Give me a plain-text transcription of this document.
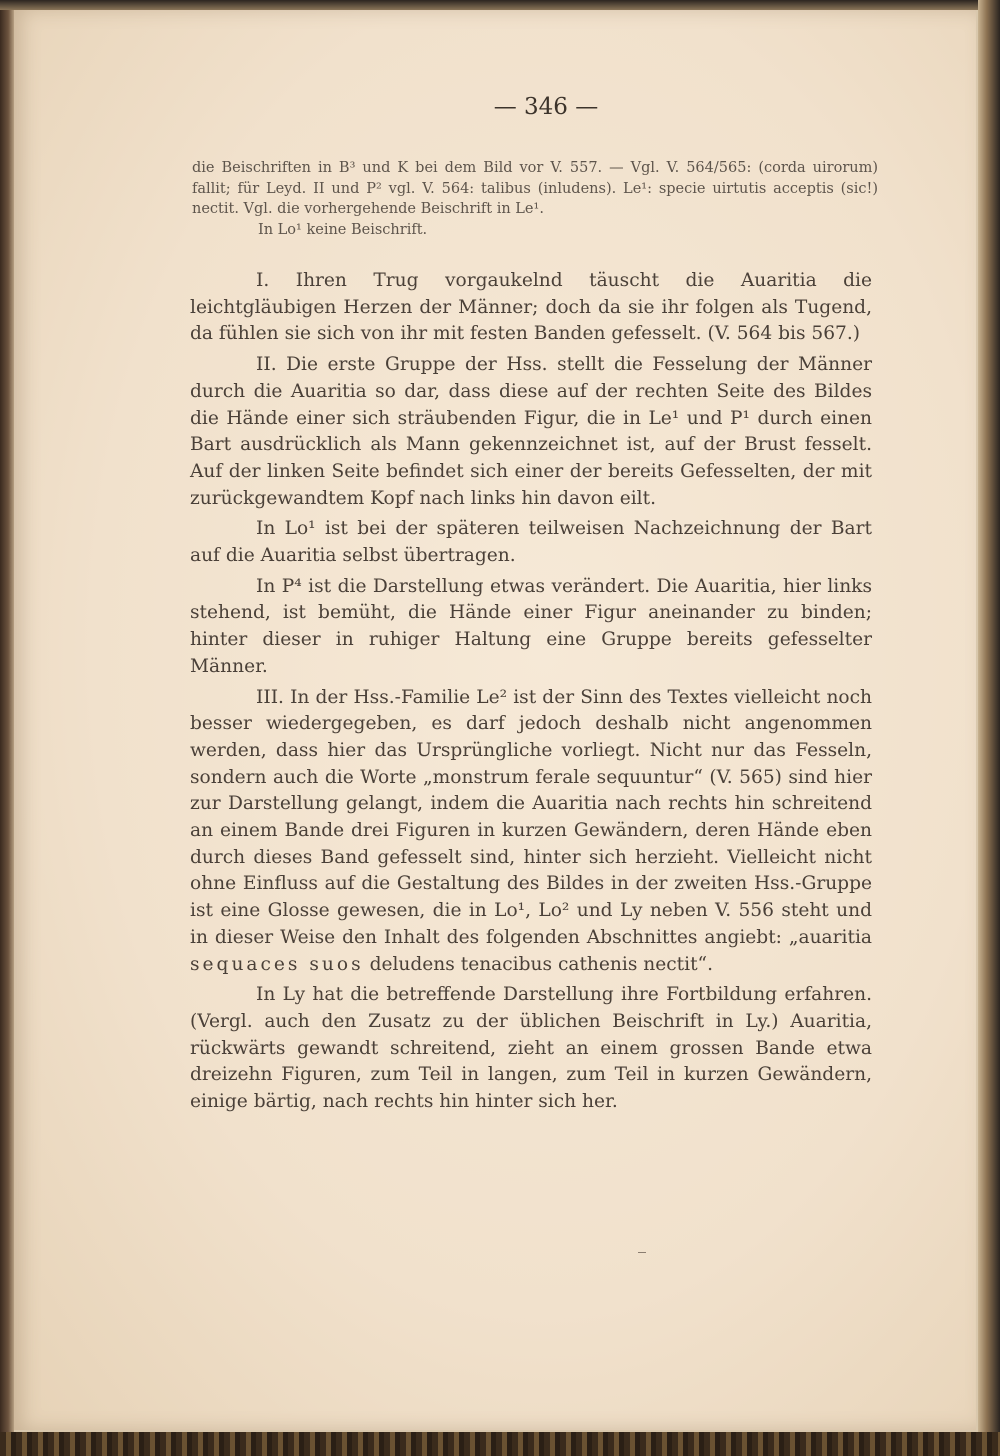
— 346 —

die Beischriften in B³ und K bei dem Bild vor V. 557. — Vgl. V. 564/565: (corda uirorum) fallit; für Leyd. II und P² vgl. V. 564: talibus (inludens). Le¹: specie uirtutis acceptis (sic!) nectit. Vgl. die vorhergehende Beischrift in Le¹.

In Lo¹ keine Beischrift.

I. Ihren Trug vorgaukelnd täuscht die Auaritia die leichtgläubigen Herzen der Männer; doch da sie ihr folgen als Tugend, da fühlen sie sich von ihr mit festen Banden gefesselt. (V. 564 bis 567.)

II. Die erste Gruppe der Hss. stellt die Fesselung der Männer durch die Auaritia so dar, dass diese auf der rechten Seite des Bildes die Hände einer sich sträubenden Figur, die in Le¹ und P¹ durch einen Bart ausdrücklich als Mann gekennzeichnet ist, auf der Brust fesselt. Auf der linken Seite befindet sich einer der bereits Gefesselten, der mit zurückgewandtem Kopf nach links hin davon eilt.

In Lo¹ ist bei der späteren teilweisen Nachzeichnung der Bart auf die Auaritia selbst übertragen.

In P⁴ ist die Darstellung etwas verändert. Die Auaritia, hier links stehend, ist bemüht, die Hände einer Figur aneinander zu binden; hinter dieser in ruhiger Haltung eine Gruppe bereits gefesselter Männer.

III. In der Hss.-Familie Le² ist der Sinn des Textes vielleicht noch besser wiedergegeben, es darf jedoch deshalb nicht angenommen werden, dass hier das Ursprüngliche vorliegt. Nicht nur das Fesseln, sondern auch die Worte „monstrum ferale sequuntur“ (V. 565) sind hier zur Darstellung gelangt, indem die Auaritia nach rechts hin schreitend an einem Bande drei Figuren in kurzen Gewändern, deren Hände eben durch dieses Band gefesselt sind, hinter sich herzieht. Vielleicht nicht ohne Einfluss auf die Gestaltung des Bildes in der zweiten Hss.-Gruppe ist eine Glosse gewesen, die in Lo¹, Lo² und Ly neben V. 556 steht und in dieser Weise den Inhalt des folgenden Abschnittes angiebt: „auaritia sequaces suos deludens tenacibus cathenis nectit“.

In Ly hat die betreffende Darstellung ihre Fortbildung erfahren. (Vergl. auch den Zusatz zu der üblichen Beischrift in Ly.) Auaritia, rückwärts gewandt schreitend, zieht an einem grossen Bande etwa dreizehn Figuren, zum Teil in langen, zum Teil in kurzen Gewändern, einige bärtig, nach rechts hin hinter sich her.
